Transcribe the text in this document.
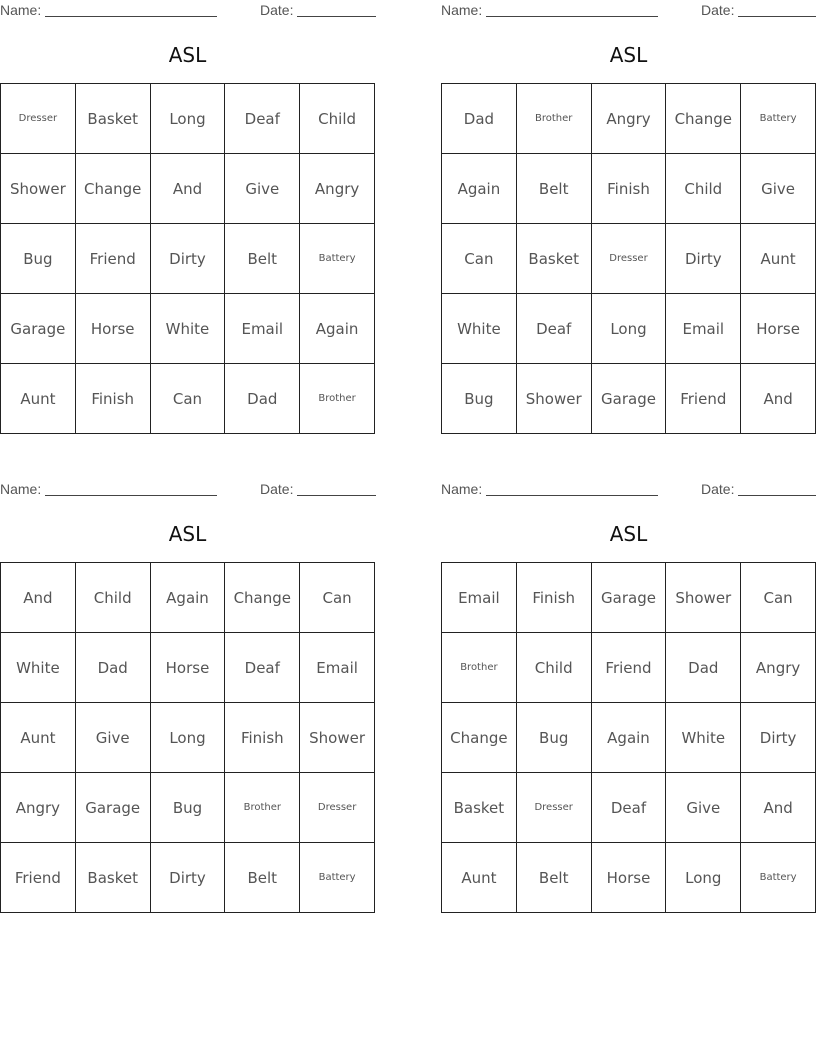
Name:	Date:
ASL
Dresser	Basket	Long	Deaf	Child
Shower	Change	And	Give	Angry
Bug	Friend	Dirty	Belt	Battery
Garage	Horse	White	Email	Again
Aunt	Finish	Can	Dad	Brother
Name:	Date:
ASL
Dad	Brother	Angry	Change	Battery
Again	Belt	Finish	Child	Give
Can	Basket	Dresser	Dirty	Aunt
White	Deaf	Long	Email	Horse
Bug	Shower	Garage	Friend	And
Name:	Date:
ASL
And	Child	Again	Change	Can
White	Dad	Horse	Deaf	Email
Aunt	Give	Long	Finish	Shower
Angry	Garage	Bug	Brother	Dresser
Friend	Basket	Dirty	Belt	Battery
Name:	Date:
ASL
Email	Finish	Garage	Shower	Can
Brother	Child	Friend	Dad	Angry
Change	Bug	Again	White	Dirty
Basket	Dresser	Deaf	Give	And
Aunt	Belt	Horse	Long	Battery
